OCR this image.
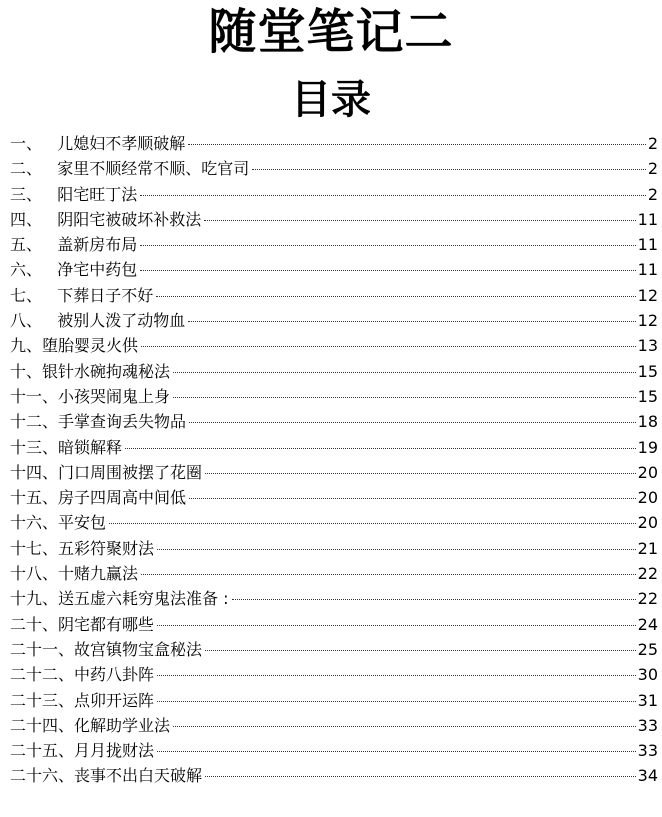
随堂笔记二
目录
一、 儿媳妇不孝顺破解	2
二、 家里不顺经常不顺、吃官司	2
三、 阳宅旺丁法	2
四、 阴阳宅被破坏补救法	11
五、 盖新房布局	11
六、 净宅中药包	11
七、 下葬日子不好	12
八、 被别人泼了动物血	12
九、 堕胎婴灵火供	13
十、 银针水碗拘魂秘法	15
十一、 小孩哭闹鬼上身	15
十二、 手掌查询丢失物品	18
十三、 暗锁解释	19
十四、 门口周围被摆了花圈	20
十五、 房子四周高中间低	20
十六、 平安包	20
十七、 五彩符聚财法	21
十八、 十赌九赢法	22
十九、 送五虚六耗穷鬼法准备 :	22
二十、 阴宅都有哪些	24
二十一、 故宫镇物宝盒秘法	25
二十二、 中药八卦阵	30
二十三、 点卯开运阵	31
二十四、 化解助学业法	33
二十五、 月月拢财法	33
二十六、 丧事不出白天破解	34
